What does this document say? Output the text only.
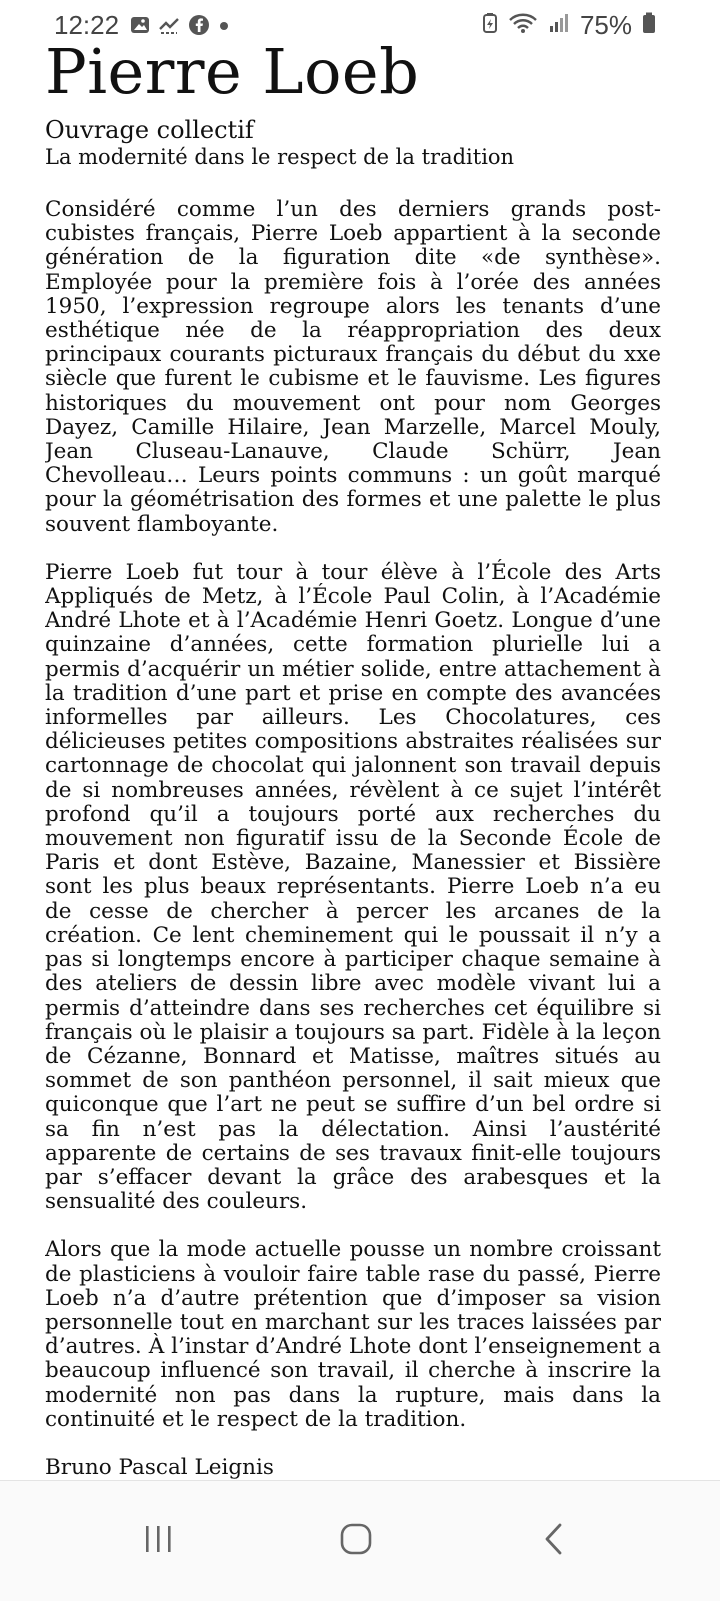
12:22	75%
Pierre Loeb

Ouvrage collectif

La modernité dans le respect de la tradition

Considéré comme l’un des derniers grands post-cubistes français, Pierre Loeb appartient à la seconde génération de la figuration dite «de synthèse». Employée pour la première fois à l’orée des années 1950, l’expression regroupe alors les tenants d’une esthétique née de la réappropriation des deux principaux courants picturaux français du début du xxe siècle que furent le cubisme et le fauvisme. Les figures historiques du mouvement ont pour nom Georges Dayez, Camille Hilaire, Jean Marzelle, Marcel Mouly, Jean Cluseau-Lanauve, Claude Schürr, Jean Chevolleau… Leurs points communs : un goût marqué pour la géométrisation des formes et une palette le plus souvent flamboyante.

Pierre Loeb fut tour à tour élève à l’École des Arts Appliqués de Metz, à l’École Paul Colin, à l’Académie André Lhote et à l’Académie Henri Goetz. Longue d’une quinzaine d’années, cette formation plurielle lui a permis d’acquérir un métier solide, entre attachement à la tradition d’une part et prise en compte des avancées informelles par ailleurs. Les Chocolatures, ces délicieuses petites compositions abstraites réalisées sur cartonnage de chocolat qui jalonnent son travail depuis de si nombreuses années, révèlent à ce sujet l’intérêt profond qu’il a toujours porté aux recherches du mouvement non figuratif issu de la Seconde École de Paris et dont Estève, Bazaine, Manessier et Bissière sont les plus beaux représentants. Pierre Loeb n’a eu de cesse de chercher à percer les arcanes de la création. Ce lent cheminement qui le poussait il n’y a pas si longtemps encore à participer chaque semaine à des ateliers de dessin libre avec modèle vivant lui a permis d’atteindre dans ses recherches cet équilibre si français où le plaisir a toujours sa part. Fidèle à la leçon de Cézanne, Bonnard et Matisse, maîtres situés au sommet de son panthéon personnel, il sait mieux que quiconque que l’art ne peut se suffire d’un bel ordre si sa fin n’est pas la délectation. Ainsi l’austérité apparente de certains de ses travaux finit-elle toujours par s’effacer devant la grâce des arabesques et la sensualité des couleurs.

Alors que la mode actuelle pousse un nombre croissant de plasticiens à vouloir faire table rase du passé, Pierre Loeb n’a d’autre prétention que d’imposer sa vision personnelle tout en marchant sur les traces laissées par d’autres. À l’instar d’André Lhote dont l’enseignement a beaucoup influencé son travail, il cherche à inscrire la modernité non pas dans la rupture, mais dans la continuité et le respect de la tradition.

Bruno Pascal Leignis
